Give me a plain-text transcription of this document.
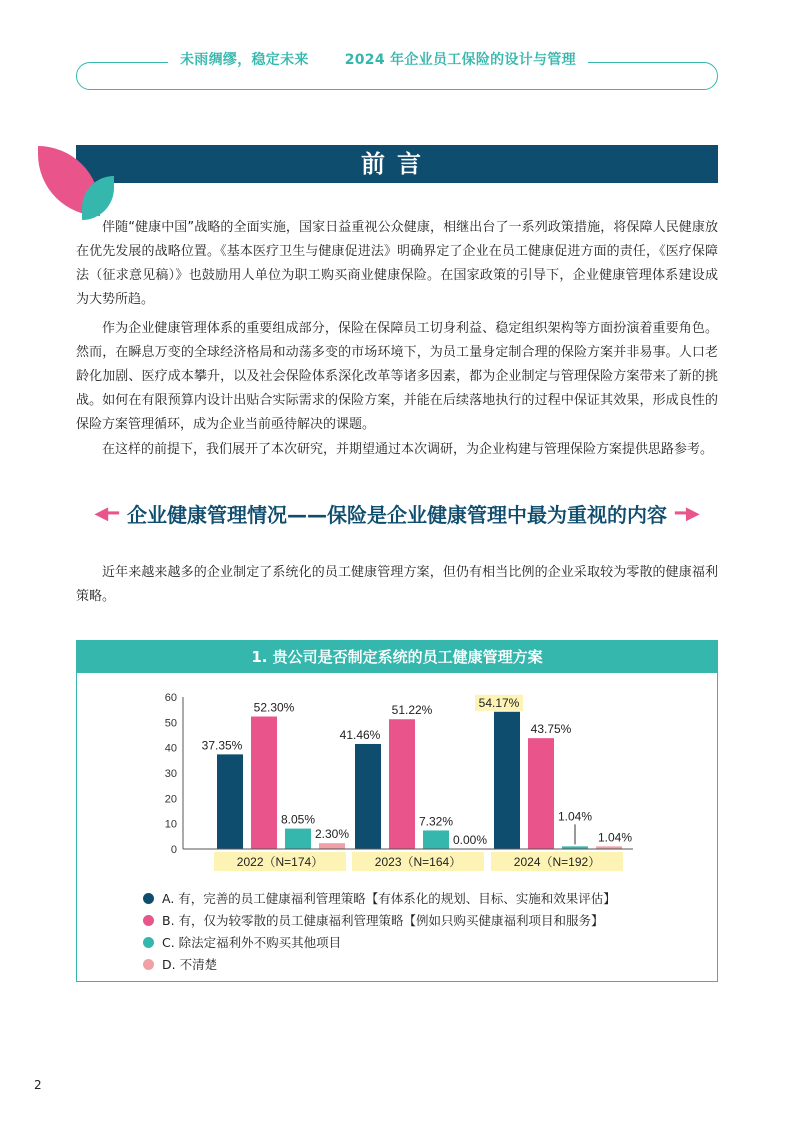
未雨绸缪，稳定未来	2024 年企业员工保险的设计与管理
前言

伴随“健康中国”战略的全面实施，国家日益重视公众健康，相继出台了一系列政策措施，将保障人民健康放在优先发展的战略位置。《基本医疗卫生与健康促进法》明确界定了企业在员工健康促进方面的责任，《医疗保障法（征求意见稿）》也鼓励用人单位为职工购买商业健康保险。在国家政策的引导下，企业健康管理体系建设成为大势所趋。

作为企业健康管理体系的重要组成部分，保险在保障员工切身利益、稳定组织架构等方面扮演着重要角色。然而，在瞬息万变的全球经济格局和动荡多变的市场环境下，为员工量身定制合理的保险方案并非易事。人口老龄化加剧、医疗成本攀升，以及社会保险体系深化改革等诸多因素，都为企业制定与管理保险方案带来了新的挑战。如何在有限预算内设计出贴合实际需求的保险方案，并能在后续落地执行的过程中保证其效果，形成良性的保险方案管理循环，成为企业当前亟待解决的课题。

在这样的前提下，我们展开了本次研究，并期望通过本次调研，为企业构建与管理保险方案提供思路参考。

◀━ 企业健康管理情况——保险是企业健康管理中最为重视的内容 ━▶

近年来越来越多的企业制定了系统化的员工健康管理方案，但仍有相当比例的企业采取较为零散的健康福利策略。

1. 贵公司是否制定系统的员工健康管理方案
0
10
20
30
40
50
60
2022（N=174）
37.35%
52.30%
8.05%
2.30%
2023（N=164）
41.46%
51.22%
7.32%
0.00%
2024（N=192）
54.17%
43.75%
1.04%
1.04%
A. 有，完善的员工健康福利管理策略【有体系化的规划、目标、实施和效果评估】
B. 有，仅为较零散的员工健康福利管理策略【例如只购买健康福利项目和服务】
C. 除法定福利外不购买其他项目
D. 不清楚
2
